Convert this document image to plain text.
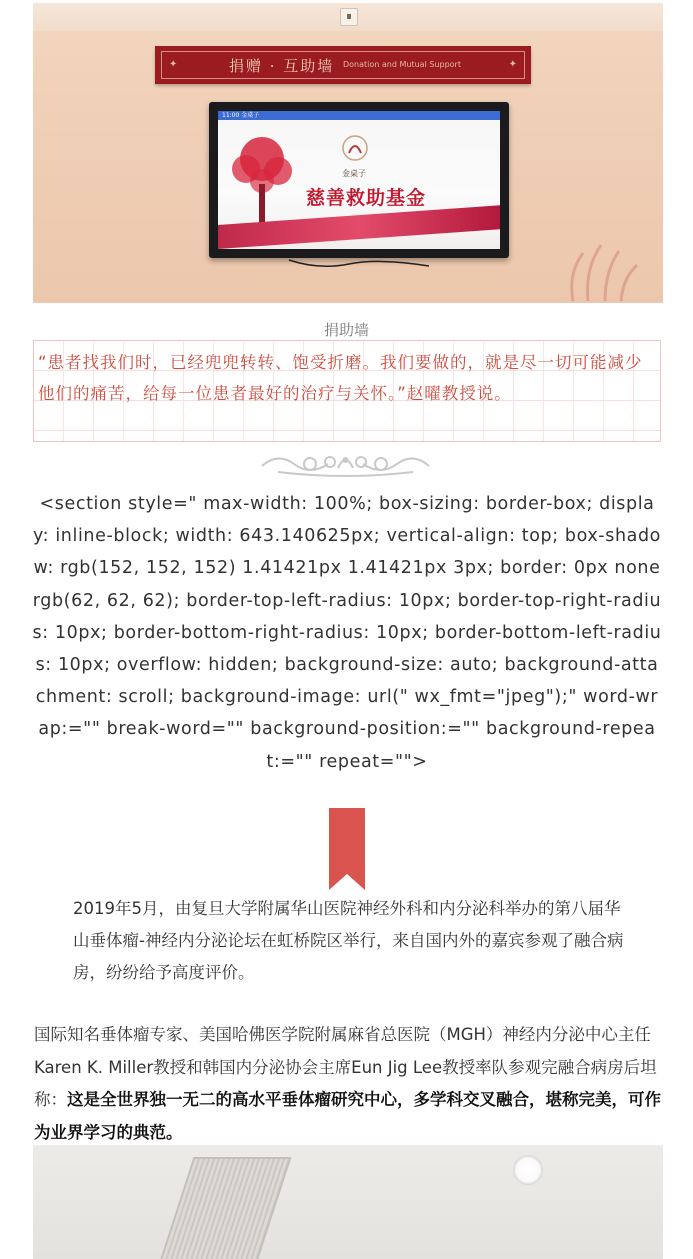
✦	捐赠 · 互助墙 Donation and Mutual Support	✦
11:00 金桌子
金桌子
慈善救助基金
捐助墙
“患者找我们时，已经兜兜转转、饱受折磨。我们要做的，就是尽一切可能减少他们的痛苦，给每一位患者最好的治疗与关怀。”赵曜教授说。
<section style=" max-width: 100%; box-sizing: border-box; display: inline-block; width: 643.140625px; vertical-align: top; box-shadow: rgb(152, 152, 152) 1.41421px 1.41421px 3px; border: 0px none rgb(62, 62, 62); border-top-left-radius: 10px; border-top-right-radius: 10px; border-bottom-right-radius: 10px; border-bottom-left-radius: 10px; overflow: hidden; background-size: auto; background-attachment: scroll; background-image: url(" wx_fmt="jpeg");" word-wrap:="" break-word="" background-position:="" background-repeat:="" repeat="">
2019年5月，由复旦大学附属华山医院神经外科和内分泌科举办的第八届华山垂体瘤-神经内分泌论坛在虹桥院区举行，来自国内外的嘉宾参观了融合病房，纷纷给予高度评价。
国际知名垂体瘤专家、美国哈佛医学院附属麻省总医院（MGH）神经内分泌中心主任Karen K. Miller教授和韩国内分泌协会主席Eun Jig Lee教授率队参观完融合病房后坦称：这是全世界独一无二的高水平垂体瘤研究中心，多学科交叉融合，堪称完美，可作为业界学习的典范。
